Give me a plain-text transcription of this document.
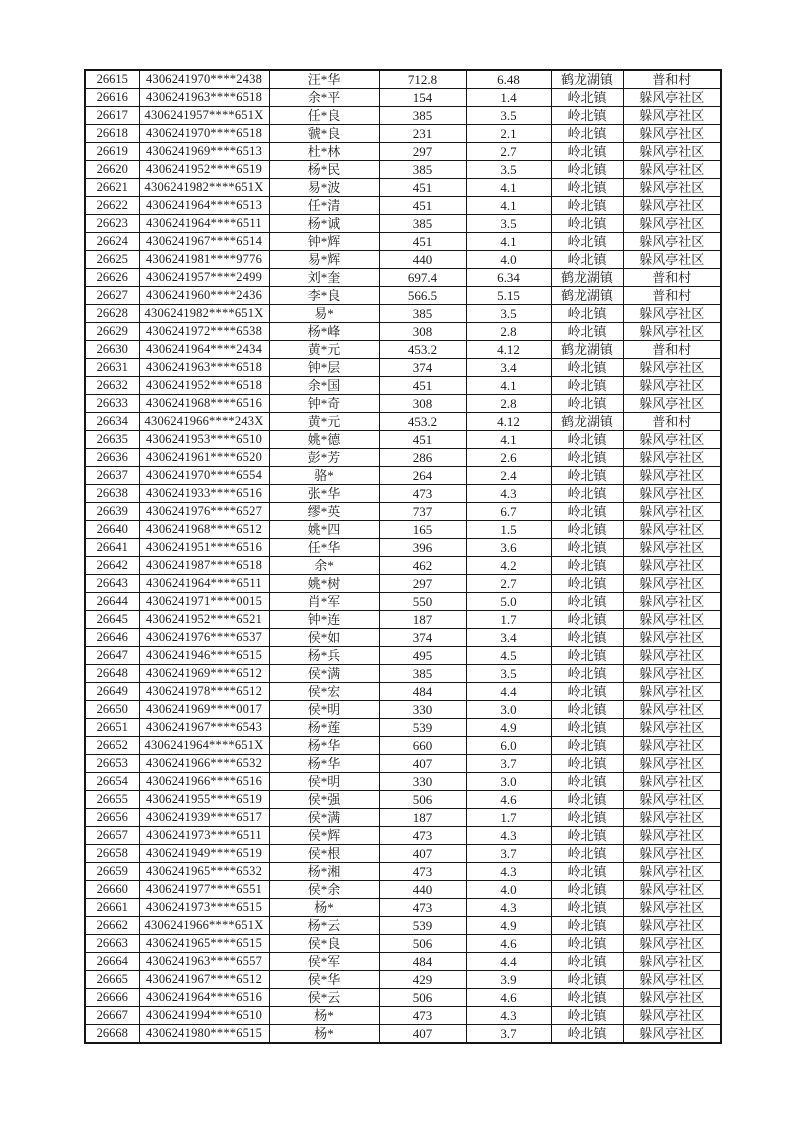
26615	4306241970****2438	汪*华	712.8	6.48	鹤龙湖镇	普和村
26616	4306241963****6518	余*平	154	1.4	岭北镇	躲风亭社区
26617	4306241957****651X	任*良	385	3.5	岭北镇	躲风亭社区
26618	4306241970****6518	虢*良	231	2.1	岭北镇	躲风亭社区
26619	4306241969****6513	杜*林	297	2.7	岭北镇	躲风亭社区
26620	4306241952****6519	杨*民	385	3.5	岭北镇	躲风亭社区
26621	4306241982****651X	易*波	451	4.1	岭北镇	躲风亭社区
26622	4306241964****6513	任*清	451	4.1	岭北镇	躲风亭社区
26623	4306241964****6511	杨*诚	385	3.5	岭北镇	躲风亭社区
26624	4306241967****6514	钟*辉	451	4.1	岭北镇	躲风亭社区
26625	4306241981****9776	易*辉	440	4.0	岭北镇	躲风亭社区
26626	4306241957****2499	刘*奎	697.4	6.34	鹤龙湖镇	普和村
26627	4306241960****2436	李*良	566.5	5.15	鹤龙湖镇	普和村
26628	4306241982****651X	易*	385	3.5	岭北镇	躲风亭社区
26629	4306241972****6538	杨*峰	308	2.8	岭北镇	躲风亭社区
26630	4306241964****2434	黄*元	453.2	4.12	鹤龙湖镇	普和村
26631	4306241963****6518	钟*层	374	3.4	岭北镇	躲风亭社区
26632	4306241952****6518	余*国	451	4.1	岭北镇	躲风亭社区
26633	4306241968****6516	钟*奇	308	2.8	岭北镇	躲风亭社区
26634	4306241966****243X	黄*元	453.2	4.12	鹤龙湖镇	普和村
26635	4306241953****6510	姚*德	451	4.1	岭北镇	躲风亭社区
26636	4306241961****6520	彭*芳	286	2.6	岭北镇	躲风亭社区
26637	4306241970****6554	骆*	264	2.4	岭北镇	躲风亭社区
26638	4306241933****6516	张*华	473	4.3	岭北镇	躲风亭社区
26639	4306241976****6527	缪*英	737	6.7	岭北镇	躲风亭社区
26640	4306241968****6512	姚*四	165	1.5	岭北镇	躲风亭社区
26641	4306241951****6516	任*华	396	3.6	岭北镇	躲风亭社区
26642	4306241987****6518	余*	462	4.2	岭北镇	躲风亭社区
26643	4306241964****6511	姚*树	297	2.7	岭北镇	躲风亭社区
26644	4306241971****0015	肖*军	550	5.0	岭北镇	躲风亭社区
26645	4306241952****6521	钟*连	187	1.7	岭北镇	躲风亭社区
26646	4306241976****6537	侯*如	374	3.4	岭北镇	躲风亭社区
26647	4306241946****6515	杨*兵	495	4.5	岭北镇	躲风亭社区
26648	4306241969****6512	侯*满	385	3.5	岭北镇	躲风亭社区
26649	4306241978****6512	侯*宏	484	4.4	岭北镇	躲风亭社区
26650	4306241969****0017	侯*明	330	3.0	岭北镇	躲风亭社区
26651	4306241967****6543	杨*莲	539	4.9	岭北镇	躲风亭社区
26652	4306241964****651X	杨*华	660	6.0	岭北镇	躲风亭社区
26653	4306241966****6532	杨*华	407	3.7	岭北镇	躲风亭社区
26654	4306241966****6516	侯*明	330	3.0	岭北镇	躲风亭社区
26655	4306241955****6519	侯*强	506	4.6	岭北镇	躲风亭社区
26656	4306241939****6517	侯*满	187	1.7	岭北镇	躲风亭社区
26657	4306241973****6511	侯*辉	473	4.3	岭北镇	躲风亭社区
26658	4306241949****6519	侯*根	407	3.7	岭北镇	躲风亭社区
26659	4306241965****6532	杨*湘	473	4.3	岭北镇	躲风亭社区
26660	4306241977****6551	侯*余	440	4.0	岭北镇	躲风亭社区
26661	4306241973****6515	杨*	473	4.3	岭北镇	躲风亭社区
26662	4306241966****651X	杨*云	539	4.9	岭北镇	躲风亭社区
26663	4306241965****6515	侯*良	506	4.6	岭北镇	躲风亭社区
26664	4306241963****6557	侯*军	484	4.4	岭北镇	躲风亭社区
26665	4306241967****6512	侯*华	429	3.9	岭北镇	躲风亭社区
26666	4306241964****6516	侯*云	506	4.6	岭北镇	躲风亭社区
26667	4306241994****6510	杨*	473	4.3	岭北镇	躲风亭社区
26668	4306241980****6515	杨*	407	3.7	岭北镇	躲风亭社区
